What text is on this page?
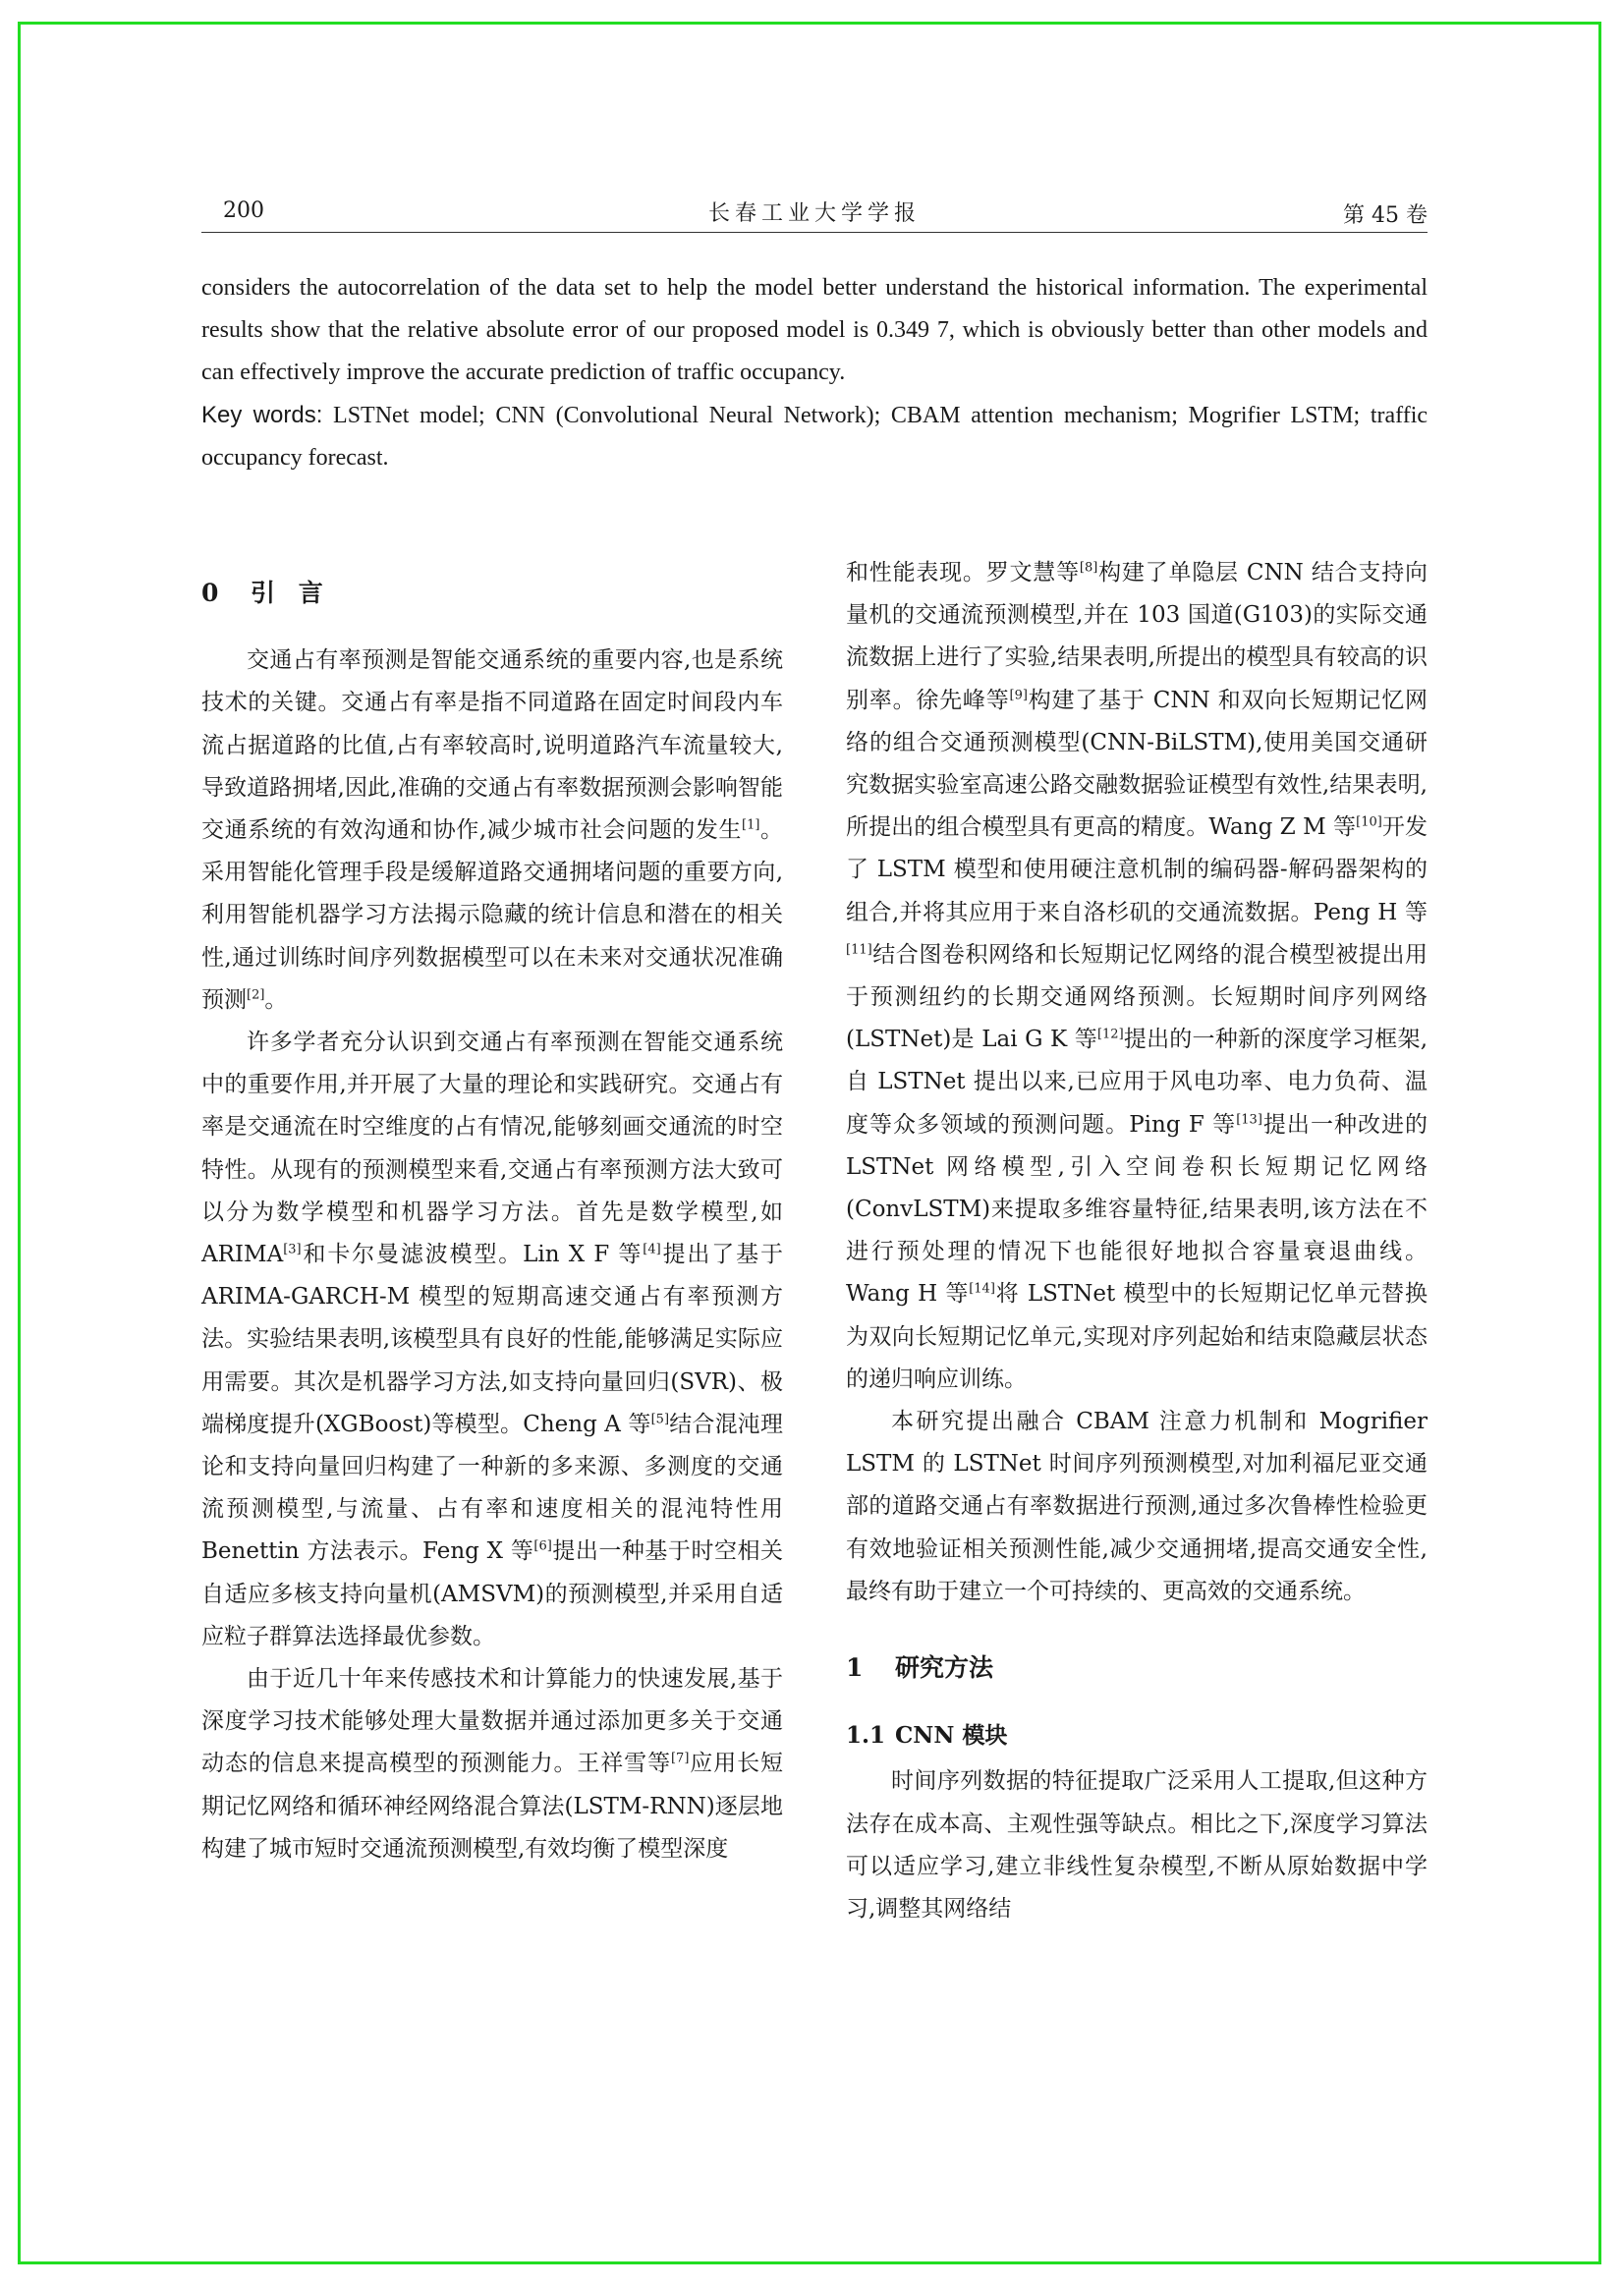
200	长春工业大学学报	第 45 卷

considers the autocorrelation of the data set to help the model better understand the historical information. The experimental results show that the relative absolute error of our proposed model is 0.349 7, which is obviously better than other models and can effectively improve the accurate prediction of traffic occupancy.

Key words: LSTNet model; CNN (Convolutional Neural Network); CBAM attention mechanism; Mogrifier LSTM; traffic occupancy forecast.

0 引 言

交通占有率预测是智能交通系统的重要内容,也是系统技术的关键。交通占有率是指不同道路在固定时间段内车流占据道路的比值,占有率较高时,说明道路汽车流量较大,导致道路拥堵,因此,准确的交通占有率数据预测会影响智能交通系统的有效沟通和协作,减少城市社会问题的发生[1]。采用智能化管理手段是缓解道路交通拥堵问题的重要方向,利用智能机器学习方法揭示隐藏的统计信息和潜在的相关性,通过训练时间序列数据模型可以在未来对交通状况准确预测[2]。

许多学者充分认识到交通占有率预测在智能交通系统中的重要作用,并开展了大量的理论和实践研究。交通占有率是交通流在时空维度的占有情况,能够刻画交通流的时空特性。从现有的预测模型来看,交通占有率预测方法大致可以分为数学模型和机器学习方法。首先是数学模型,如 ARIMA[3]和卡尔曼滤波模型。Lin X F 等[4]提出了基于 ARIMA-GARCH-M 模型的短期高速交通占有率预测方法。实验结果表明,该模型具有良好的性能,能够满足实际应用需要。其次是机器学习方法,如支持向量回归(SVR)、极端梯度提升(XGBoost)等模型。Cheng A 等[5]结合混沌理论和支持向量回归构建了一种新的多来源、多测度的交通流预测模型,与流量、占有率和速度相关的混沌特性用 Benettin 方法表示。Feng X 等[6]提出一种基于时空相关自适应多核支持向量机(AMSVM)的预测模型,并采用自适应粒子群算法选择最优参数。

由于近几十年来传感技术和计算能力的快速发展,基于深度学习技术能够处理大量数据并通过添加更多关于交通动态的信息来提高模型的预测能力。王祥雪等[7]应用长短期记忆网络和循环神经网络混合算法(LSTM-RNN)逐层地构建了城市短时交通流预测模型,有效均衡了模型深度

和性能表现。罗文慧等[8]构建了单隐层 CNN 结合支持向量机的交通流预测模型,并在 103 国道(G103)的实际交通流数据上进行了实验,结果表明,所提出的模型具有较高的识别率。徐先峰等[9]构建了基于 CNN 和双向长短期记忆网络的组合交通预测模型(CNN-BiLSTM),使用美国交通研究数据实验室高速公路交融数据验证模型有效性,结果表明,所提出的组合模型具有更高的精度。Wang Z M 等[10]开发了 LSTM 模型和使用硬注意机制的编码器-解码器架构的组合,并将其应用于来自洛杉矶的交通流数据。Peng H 等[11]结合图卷积网络和长短期记忆网络的混合模型被提出用于预测纽约的长期交通网络预测。长短期时间序列网络(LSTNet)是 Lai G K 等[12]提出的一种新的深度学习框架,自 LSTNet 提出以来,已应用于风电功率、电力负荷、温度等众多领域的预测问题。Ping F 等[13]提出一种改进的 LSTNet 网络模型,引入空间卷积长短期记忆网络(ConvLSTM)来提取多维容量特征,结果表明,该方法在不进行预处理的情况下也能很好地拟合容量衰退曲线。Wang H 等[14]将 LSTNet 模型中的长短期记忆单元替换为双向长短期记忆单元,实现对序列起始和结束隐藏层状态的递归响应训练。

本研究提出融合 CBAM 注意力机制和 Mogrifier LSTM 的 LSTNet 时间序列预测模型,对加利福尼亚交通部的道路交通占有率数据进行预测,通过多次鲁棒性检验更有效地验证相关预测性能,减少交通拥堵,提高交通安全性,最终有助于建立一个可持续的、更高效的交通系统。

1 研究方法
1.1 CNN 模块

时间序列数据的特征提取广泛采用人工提取,但这种方法存在成本高、主观性强等缺点。相比之下,深度学习算法可以适应学习,建立非线性复杂模型,不断从原始数据中学习,调整其网络结
